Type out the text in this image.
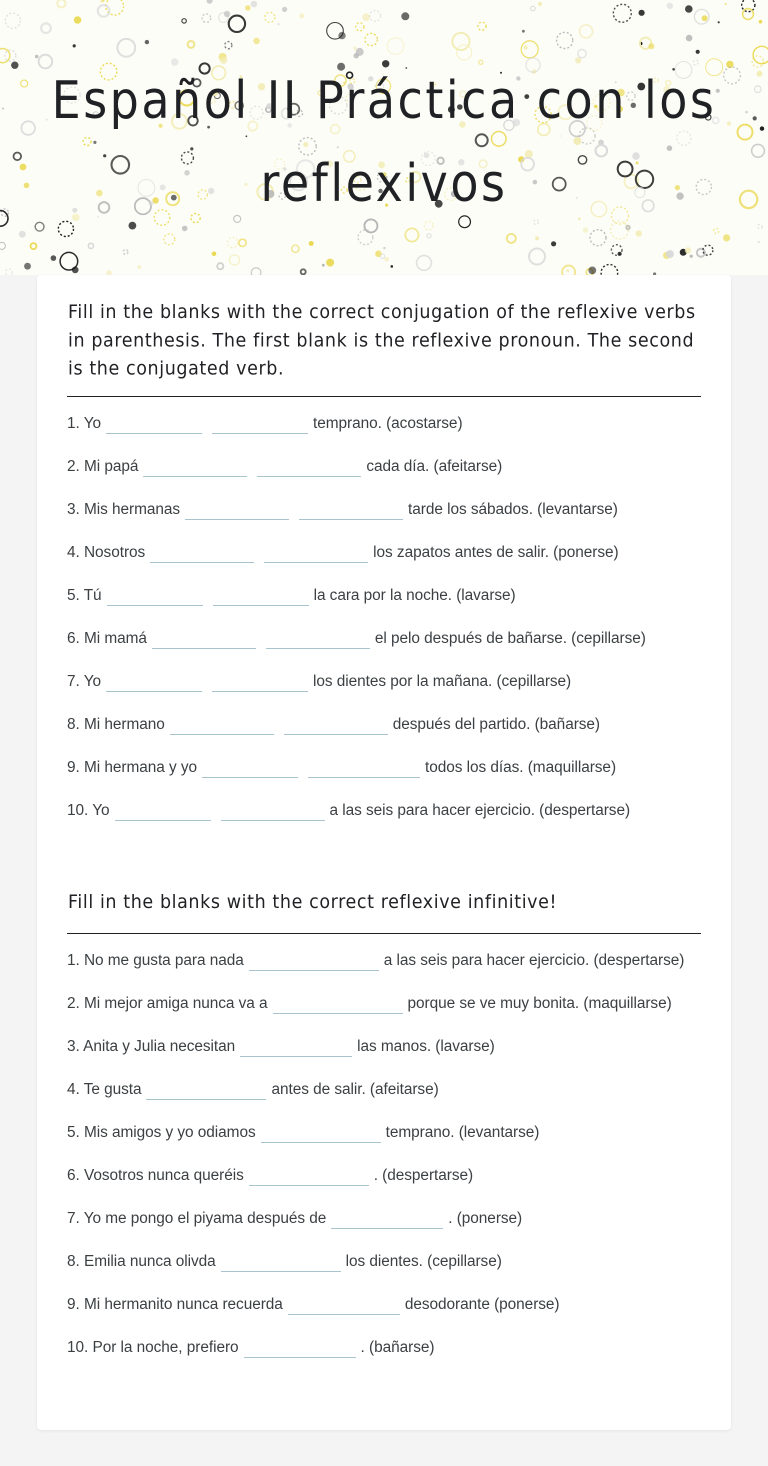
Español II Práctica con los reflexivos

Fill in the blanks with the correct conjugation of the reflexive verbs in parenthesis. The first blank is the reflexive pronoun. The second is the conjugated verb.

1. Yo	temprano. (acostarse)
2. Mi papá	cada día. (afeitarse)
3. Mis hermanas	tarde los sábados. (levantarse)
4. Nosotros	los zapatos antes de salir. (ponerse)
5. Tú	la cara por la noche. (lavarse)
6. Mi mamá	el pelo después de bañarse. (cepillarse)
7. Yo	los dientes por la mañana. (cepillarse)
8. Mi hermano	después del partido. (bañarse)
9. Mi hermana y yo	todos los días. (maquillarse)
10. Yo	a las seis para hacer ejercicio. (despertarse)

Fill in the blanks with the correct reflexive infinitive!

1. No me gusta para nada	a las seis para hacer ejercicio. (despertarse)
2. Mi mejor amiga nunca va a	porque se ve muy bonita. (maquillarse)
3. Anita y Julia necesitan	las manos. (lavarse)
4. Te gusta	antes de salir. (afeitarse)
5. Mis amigos y yo odiamos	temprano. (levantarse)
6. Vosotros nunca queréis	. (despertarse)
7. Yo me pongo el piyama después de	. (ponerse)
8. Emilia nunca olivda	los dientes. (cepillarse)
9. Mi hermanito nunca recuerda	desodorante (ponerse)
10. Por la noche, prefiero	. (bañarse)
